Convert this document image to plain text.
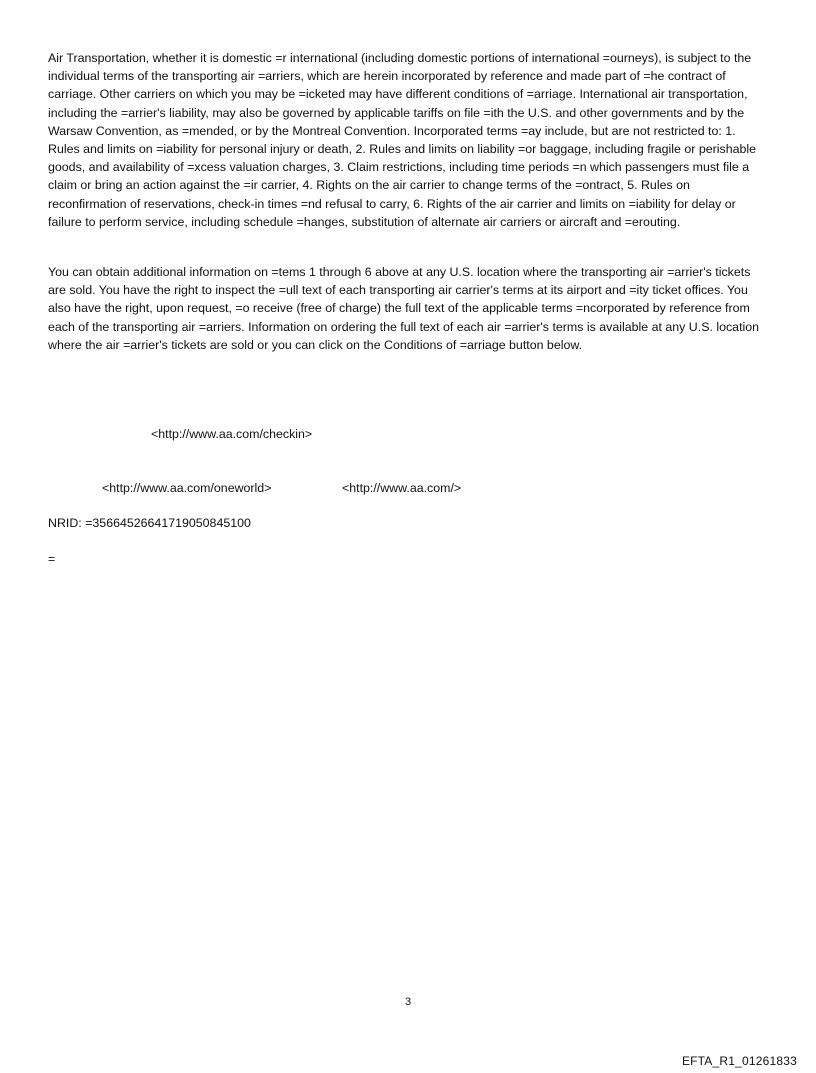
Air Transportation, whether it is domestic =r international (including domestic portions of international =ourneys), is subject to the individual terms of the transporting air =arriers, which are herein incorporated by reference and made part of =he contract of carriage. Other carriers on which you may be =icketed may have different conditions of =arriage. International air transportation, including the =arrier's liability, may also be governed by applicable tariffs on file =ith the U.S. and other governments and by the Warsaw Convention, as =mended, or by the Montreal Convention. Incorporated terms =ay include, but are not restricted to: 1. Rules and limits on =iability for personal injury or death, 2. Rules and limits on liability =or baggage, including fragile or perishable goods, and availability of =xcess valuation charges, 3. Claim restrictions, including time periods =n which passengers must file a claim or bring an action against the =ir carrier, 4. Rights on the air carrier to change terms of the =ontract, 5. Rules on reconfirmation of reservations, check-in times =nd refusal to carry, 6. Rights of the air carrier and limits on =iability for delay or failure to perform service, including schedule =hanges, substitution of alternate air carriers or aircraft and =erouting.

You can obtain additional information on =tems 1 through 6 above at any U.S. location where the transporting air =arrier's tickets are sold. You have the right to inspect the =ull text of each transporting air carrier's terms at its airport and =ity ticket offices. You also have the right, upon request, =o receive (free of charge) the full text of the applicable terms =ncorporated by reference from each of the transporting air =arriers. Information on ordering the full text of each air =arrier's terms is available at any U.S. location where the air =arrier's tickets are sold or you can click on the Conditions of =arriage button below.

<http://www.aa.com/checkin>
<http://www.aa.com/oneworld>	<http://www.aa.com/>

NRID: =35664526641719050845100

=

3

EFTA_R1_01261833
